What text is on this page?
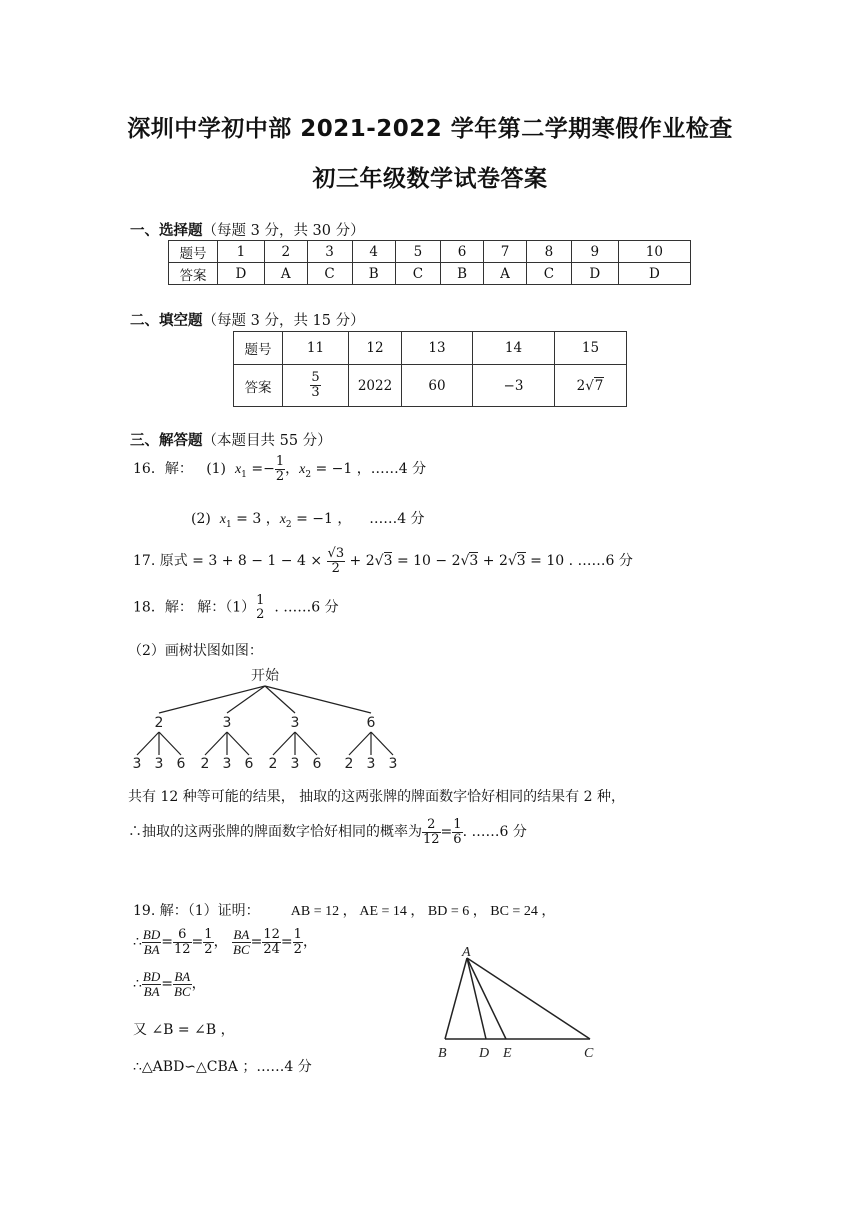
深圳中学初中部 2021-2022 学年第二学期寒假作业检查
初三年级数学试卷答案
一、选择题（每题 3 分，共 30 分）
题号	1	2	3	4	5	6	7	8	9	10
答案	D	A	C	B	C	B	A	C	D	D
二、填空题（每题 3 分，共 15 分）
题号	11	12	13	14	15
答案	$\frac{5}{3}$	2022	60	−3	2√7
三、解答题（本题目共 55 分）
16．解： (1) $x_1 =- \frac{1}{2}$ ，$x_2 = -1$ ，……4 分
(2) $x_1 = 3$ ，$x_2 = -1$ ，    ……4 分
17. 原式 = $3 + 8 - 1 - 4 \times \frac{√3}{2} + 2√3 = 10 - 2√3 + 2√3 = 10$ . ……6 分
18．解： 解：（1） 1
2 . ……6 分
（2）画树状图如图：
开始
2
3 3 6
3
2 3 6
3
2 3 6
6
2 3 3
共有 12 种等可能的结果， 抽取的这两张牌的牌面数字恰好相同的结果有 2 种，
∴抽取的这两张牌的牌面数字恰好相同的概率为 $\frac{2}{12} = \frac{1}{6}$ . ……6 分
19. 解：（1）证明： AB = 12 ， AE = 14 ， BD = 6 ， BC = 24 ，
∴ $\frac{BD}{BA} = \frac{6}{12} = \frac{1}{2}$ ， $\frac{BA}{BC} = \frac{12}{24} = \frac{1}{2}$ ，
∴ $\frac{BD}{BA} = \frac{BA}{BC}$ ，
又 ∠B = ∠B ，
∴△ABD∽△CBA ；……4 分
A
B D E	C
